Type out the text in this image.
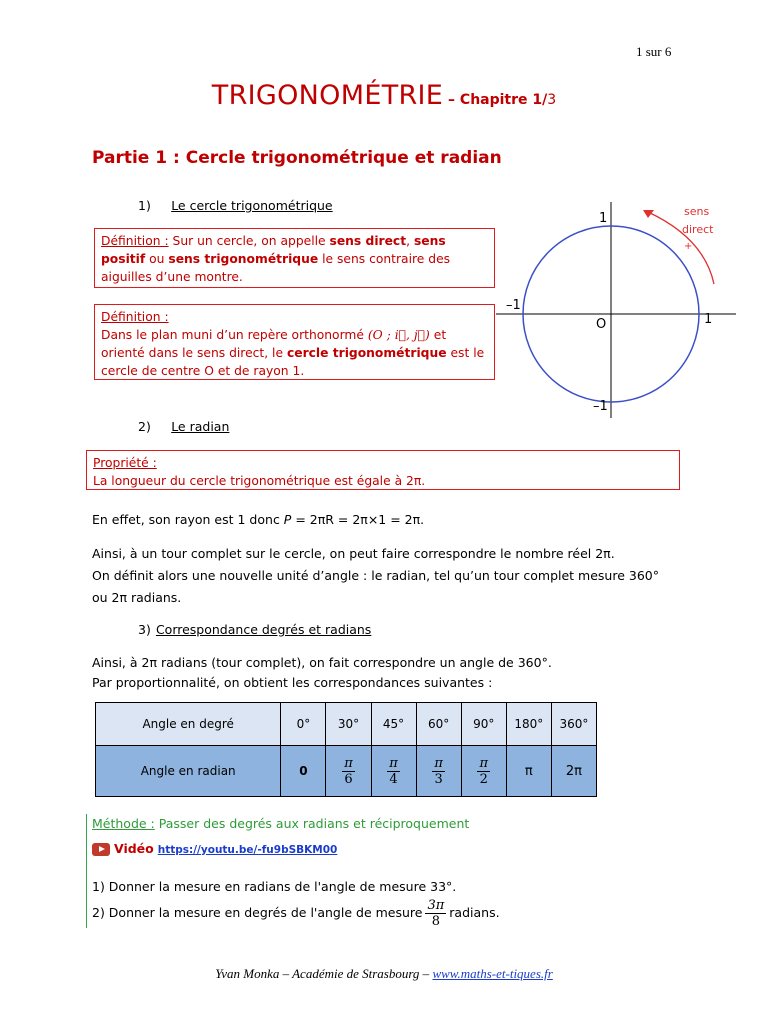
1 sur 6
TRIGONOMÉTRIE – Chapitre 1/3
Partie 1 : Cercle trigonométrique et radian
1) Le cercle trigonométrique
Définition : Sur un cercle, on appelle sens direct, sens positif ou sens trigonométrique le sens contraire des aiguilles d’une montre.
Définition :
Dans le plan muni d’un repère orthonormé (O ; i⃗, j⃗) et orienté dans le sens direct, le cercle trigonométrique est le cercle de centre O et de rayon 1.
1
–1
O	1
–1
sens
direct
+
2) Le radian
Propriété :
La longueur du cercle trigonométrique est égale à 2π.
En effet, son rayon est 1 donc P = 2πR = 2π×1 = 2π.
Ainsi, à un tour complet sur le cercle, on peut faire correspondre le nombre réel 2π.
On définit alors une nouvelle unité d’angle : le radian, tel qu’un tour complet mesure 360°
ou 2π radians.
3) Correspondance degrés et radians
Ainsi, à 2π radians (tour complet), on fait correspondre un angle de 360°.
Par proportionnalité, on obtient les correspondances suivantes :
Angle en degré	0°	30°	45°	60°	90°	180°	360°
Angle en radian	0	$\frac{\pi}{6}$	$\frac{\pi}{4}$	$\frac{\pi}{3}$	$\frac{\pi}{2}$	π	2π
Méthode : Passer des degrés aux radians et réciproquement
Vidéo https://youtu.be/-fu9bSBKM00
1) Donner la mesure en radians de l'angle de mesure 33°.
2) Donner la mesure en degrés de l'angle de mesure $\frac{3\pi}{8}$ radians.
Yvan Monka – Académie de Strasbourg – www.maths-et-tiques.fr
